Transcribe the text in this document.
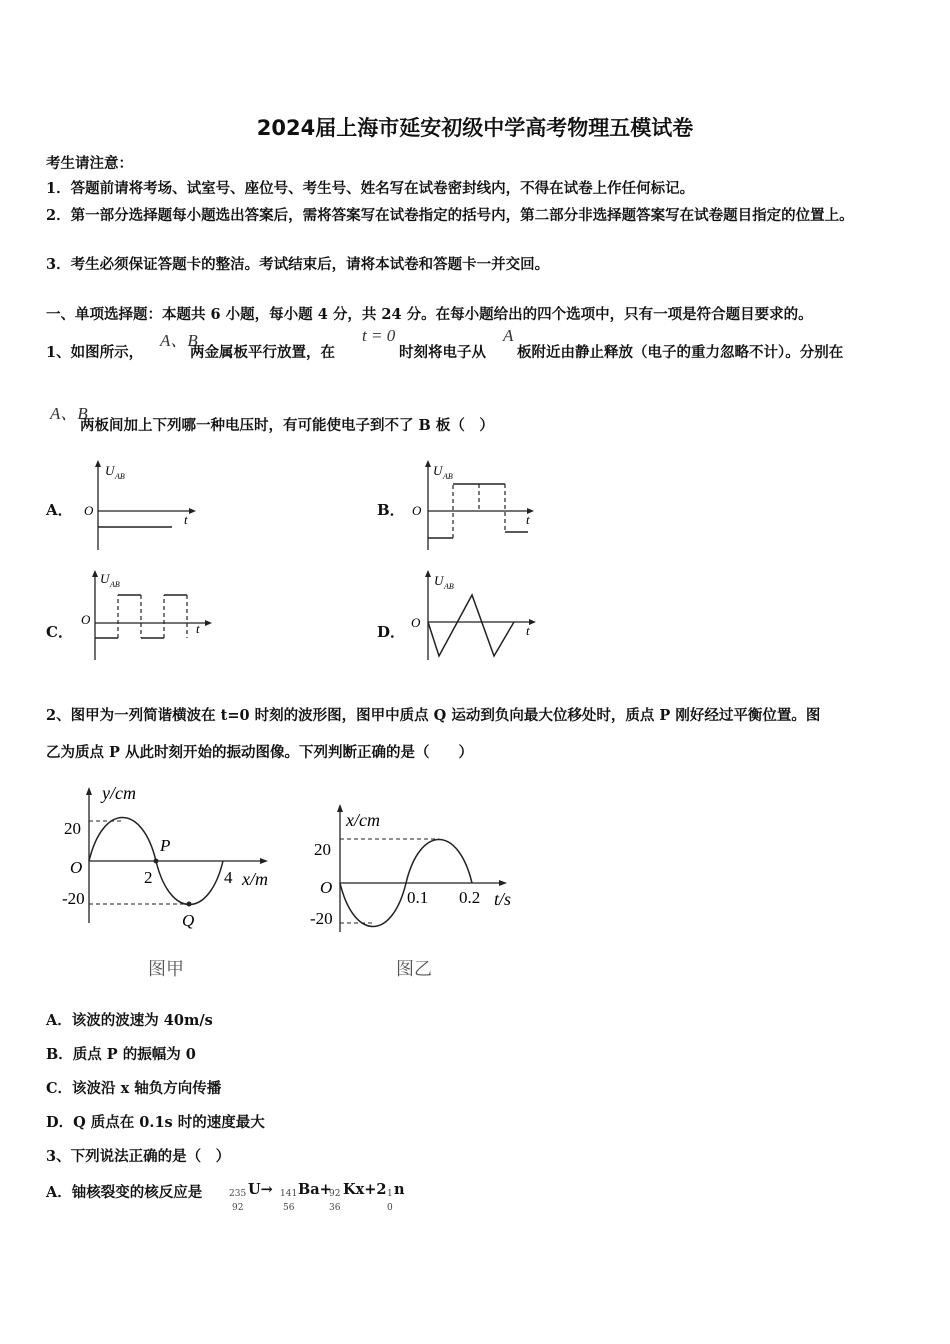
2024届上海市延安初级中学高考物理五模试卷
考生请注意：
1．答题前请将考场、试室号、座位号、考生号、姓名写在试卷密封线内，不得在试卷上作任何标记。
2．第一部分选择题每小题选出答案后，需将答案写在试卷指定的括号内，第二部分非选择题答案写在试卷题目指定的位置上。
3．考生必须保证答题卡的整洁。考试结束后，请将本试卷和答题卡一并交回。
一、单项选择题：本题共 6 小题，每小题 4 分，共 24 分。在每小题给出的四个选项中，只有一项是符合题目要求的。
1、如图所示，
A、B
两金属板平行放置，在
t = 0
时刻将电子从
A
板附近由静止释放（电子的重力忽略不计）。分别在
A、B
两板间加上下列哪一种电压时，有可能使电子到不了 B 板（　）
A．	B．
C．	D．
U AB
O
t
U AB
O
t
U AB
O
t
U AB
O
t
2、图甲为一列简谐横波在 t=0 时刻的波形图，图甲中质点 Q 运动到负向最大位移处时，质点 P 刚好经过平衡位置。图
乙为质点 P 从此时刻开始的振动图像。下列判断正确的是（　　）
y/cm
20
O
-20
2	4 x/m
P
Q
图甲
x/cm
20
O
-20
0.1 0.2 t/s
图乙
A．该波的波速为 40m/s
B．质点 P 的振幅为 0
C．该波沿 x 轴负方向传播
D．Q 质点在 0.1s 时的速度最大
3、下列说法正确的是（　）
A．铀核裂变的核反应是	235
92
U→ 141
56
Ba+
92
36
Kx+2 1
0
n
